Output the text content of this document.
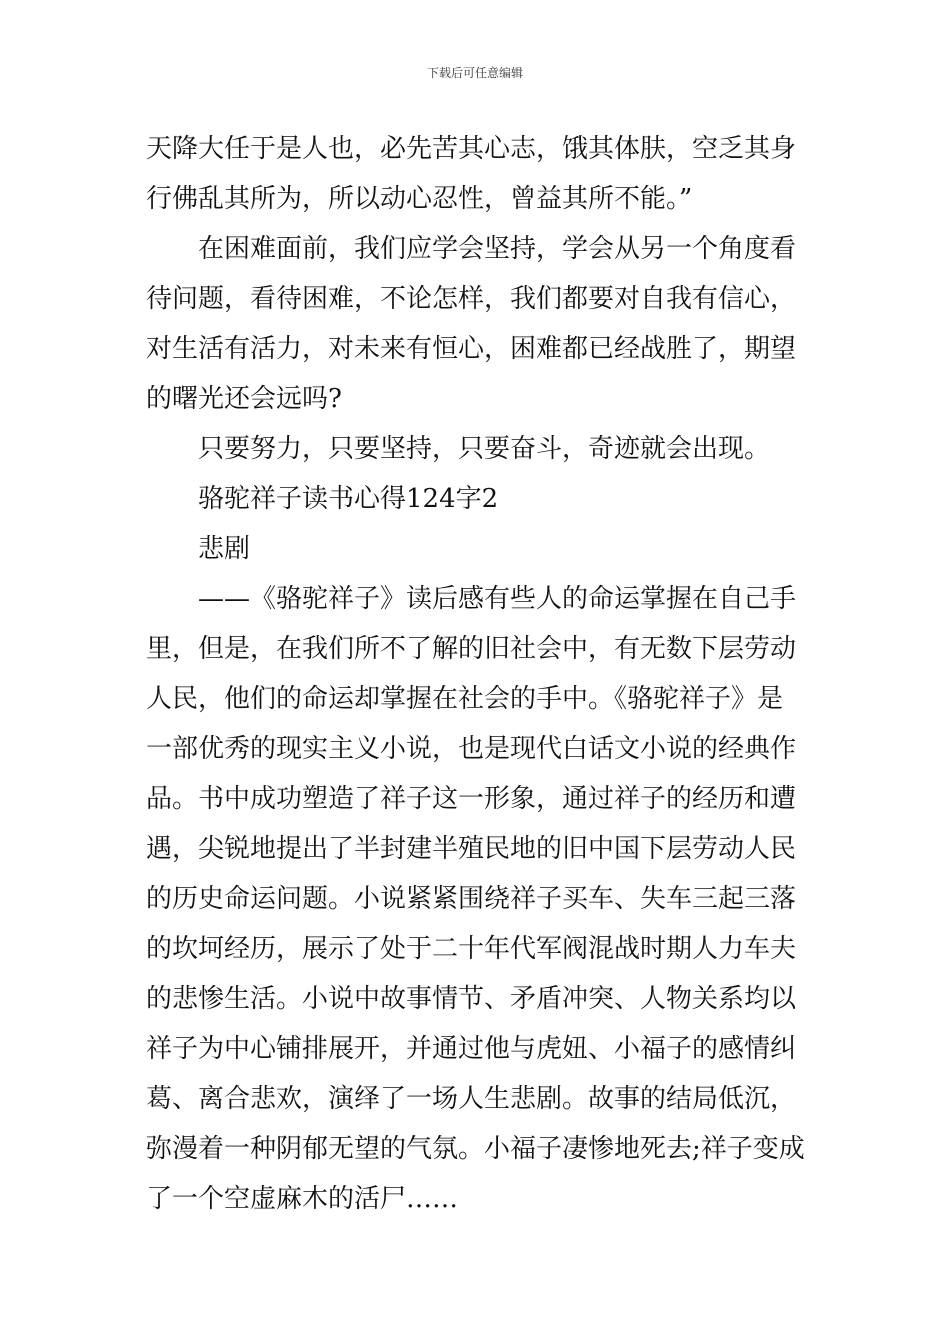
下载后可任意编辑
天降大任于是人也，必先苦其心志，饿其体肤，空乏其身
行佛乱其所为，所以动心忍性，曾益其所不能。”
在困难面前，我们应学会坚持，学会从另一个角度看
待问题，看待困难，不论怎样，我们都要对自我有信心，
对生活有活力，对未来有恒心，困难都已经战胜了，期望
的曙光还会远吗?
只要努力，只要坚持，只要奋斗，奇迹就会出现。
骆驼祥子读书心得124字2
悲剧
——《骆驼祥子》读后感有些人的命运掌握在自己手
里，但是，在我们所不了解的旧社会中，有无数下层劳动
人民，他们的命运却掌握在社会的手中。《骆驼祥子》是
一部优秀的现实主义小说，也是现代白话文小说的经典作
品。书中成功塑造了祥子这一形象，通过祥子的经历和遭
遇，尖锐地提出了半封建半殖民地的旧中国下层劳动人民
的历史命运问题。小说紧紧围绕祥子买车、失车三起三落
的坎坷经历，展示了处于二十年代军阀混战时期人力车夫
的悲惨生活。小说中故事情节、矛盾冲突、人物关系均以
祥子为中心铺排展开，并通过他与虎妞、小福子的感情纠
葛、离合悲欢，演绎了一场人生悲剧。故事的结局低沉，
弥漫着一种阴郁无望的气氛。小福子凄惨地死去;祥子变成
了一个空虚麻木的活尸……
